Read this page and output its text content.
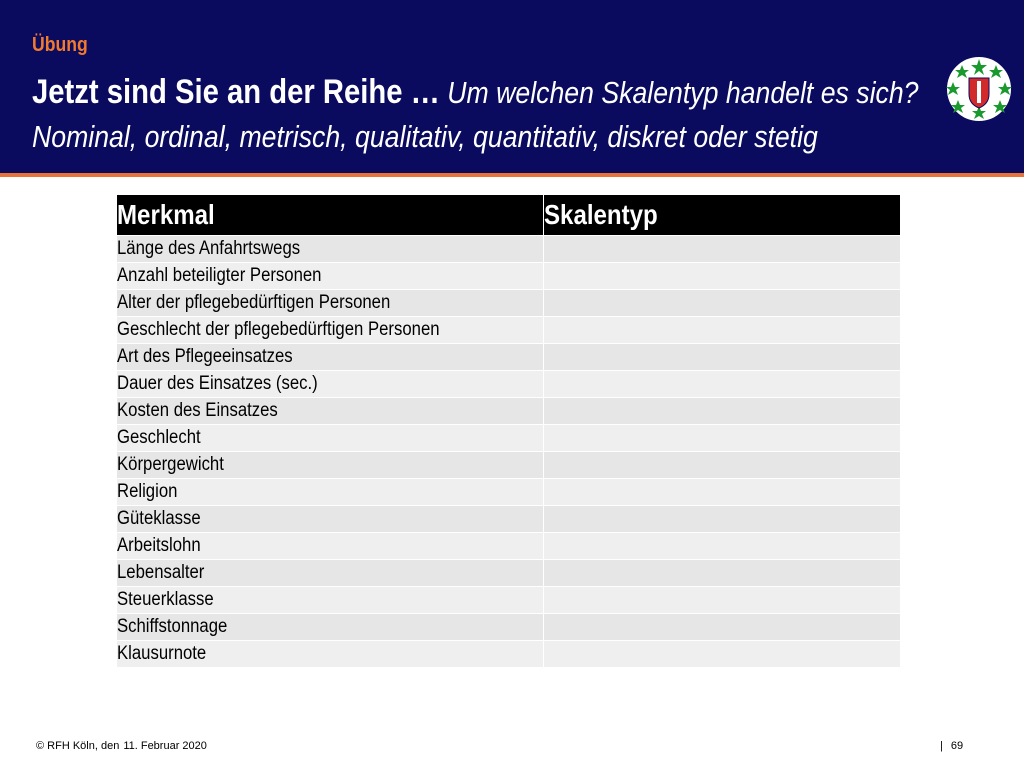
Übung
Jetzt sind Sie an der Reihe … Um welchen Skalentyp handelt es sich? Nominal, ordinal, metrisch, qualitativ, quantitativ, diskret oder stetig
Merkmal	Skalentyp
Länge des Anfahrtswegs	
Anzahl beteiligter Personen	
Alter der pflegebedürftigen Personen	
Geschlecht der pflegebedürftigen Personen	
Art des Pflegeeinsatzes	
Dauer des Einsatzes (sec.)	
Kosten des Einsatzes	
Geschlecht	
Körpergewicht	
Religion	
Güteklasse	
Arbeitslohn	
Lebensalter	
Steuerklasse	
Schiffstonnage	
Klausurnote	
© RFH Köln, den 11. Februar 2020	| 69
